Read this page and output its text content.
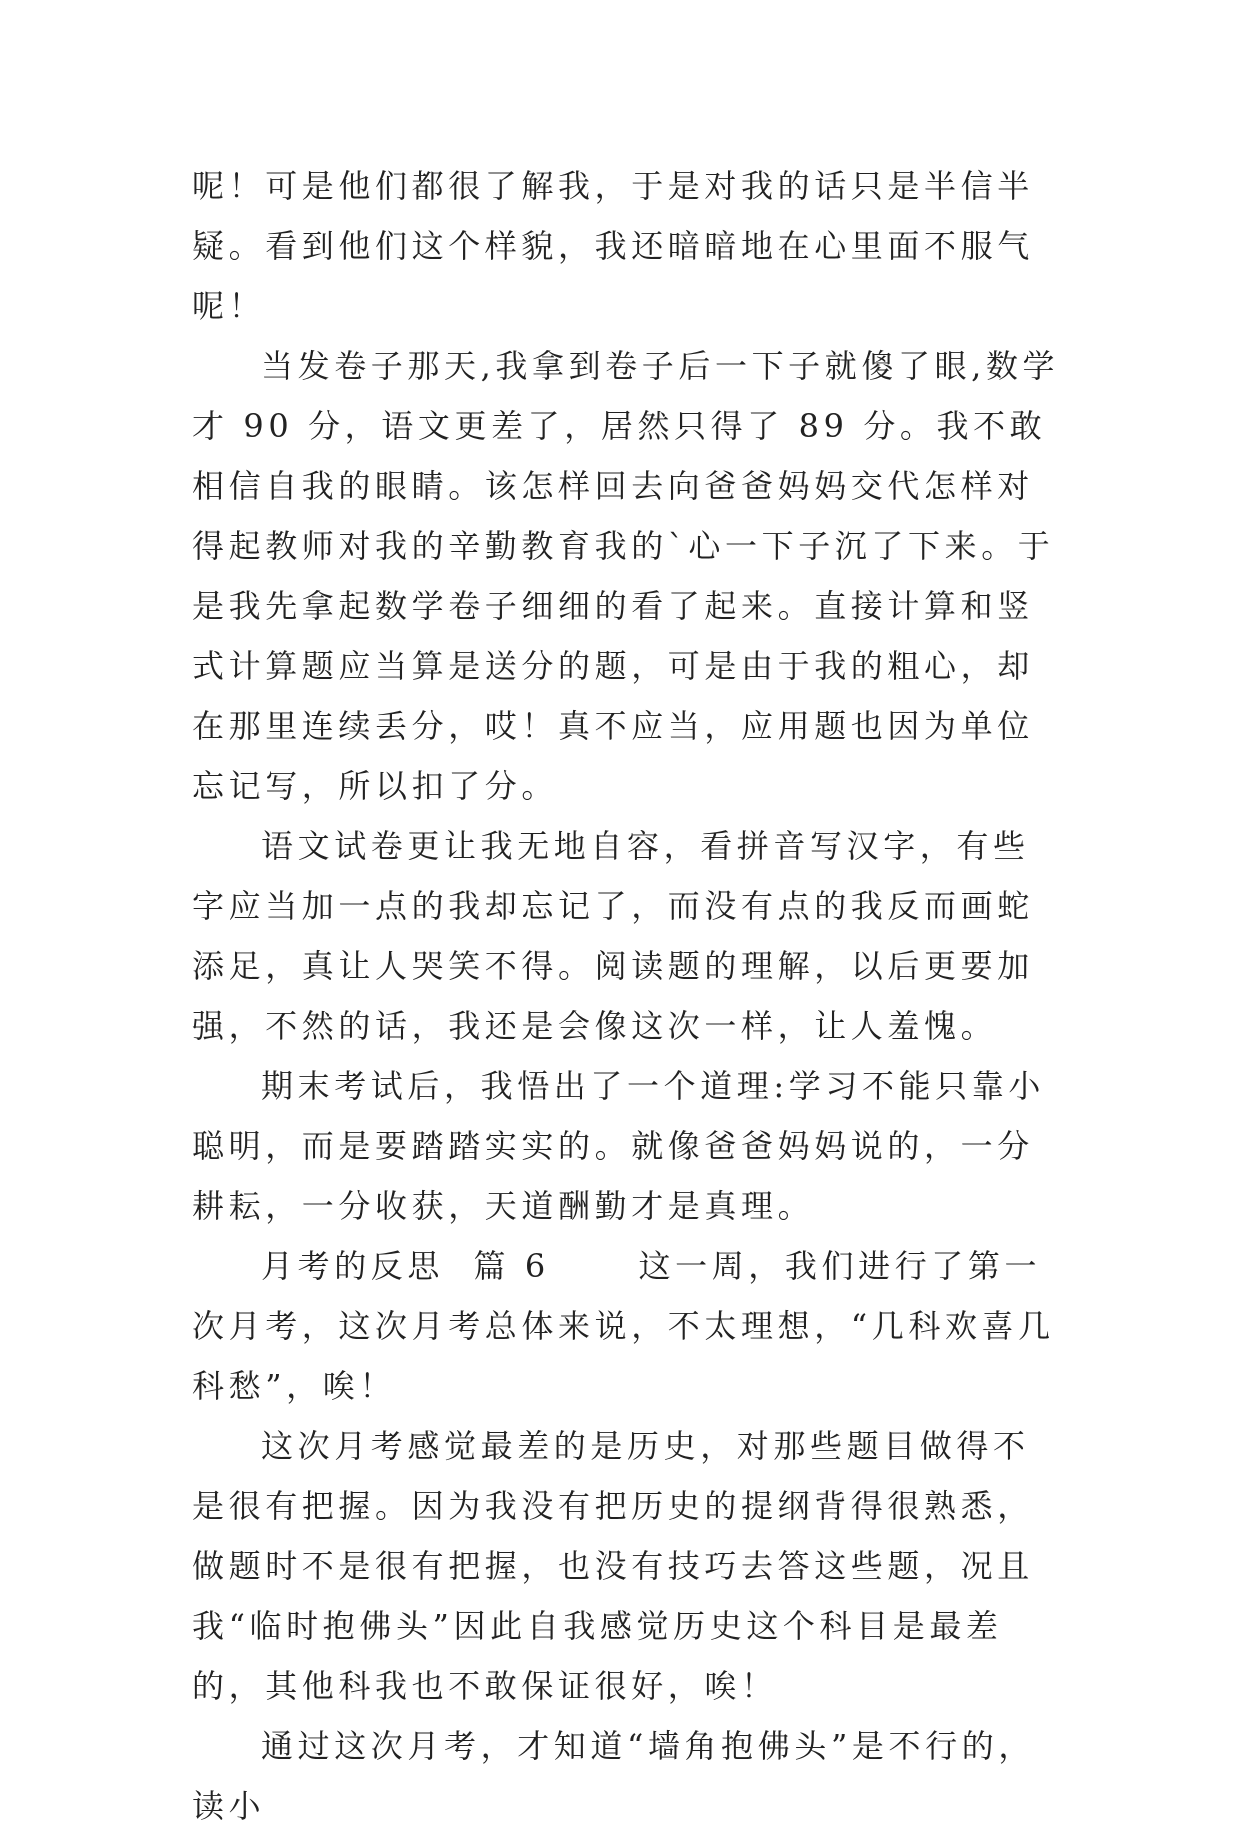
呢！可是他们都很了解我，于是对我的话只是半信半疑。看到他们这个样貌，我还暗暗地在心里面不服气呢！

当发卷子那天,我拿到卷子后一下子就傻了眼,数学才 90 分，语文更差了，居然只得了 89 分。我不敢相信自我的眼睛。该怎样回去向爸爸妈妈交代怎样对得起教师对我的辛勤教育我的`心一下子沉了下来。于是我先拿起数学卷子细细的看了起来。直接计算和竖式计算题应当算是送分的题，可是由于我的粗心，却在那里连续丢分，哎！真不应当，应用题也因为单位忘记写，所以扣了分。

语文试卷更让我无地自容，看拼音写汉字，有些字应当加一点的我却忘记了，而没有点的我反而画蛇添足，真让人哭笑不得。阅读题的理解，以后更要加强，不然的话，我还是会像这次一样，让人羞愧。

期末考试后，我悟出了一个道理:学习不能只靠小聪明，而是要踏踏实实的。就像爸爸妈妈说的，一分耕耘，一分收获，天道酬勤才是真理。

月考的反思  篇 6      这一周，我们进行了第一次月考，这次月考总体来说，不太理想，“几科欢喜几科愁”，唉！

这次月考感觉最差的是历史，对那些题目做得不是很有把握。因为我没有把历史的提纲背得很熟悉，做题时不是很有把握，也没有技巧去答这些题，况且我“临时抱佛头”因此自我感觉历史这个科目是最差的，其他科我也不敢保证很好，唉！

通过这次月考，才知道“墙角抱佛头”是不行的，读小
